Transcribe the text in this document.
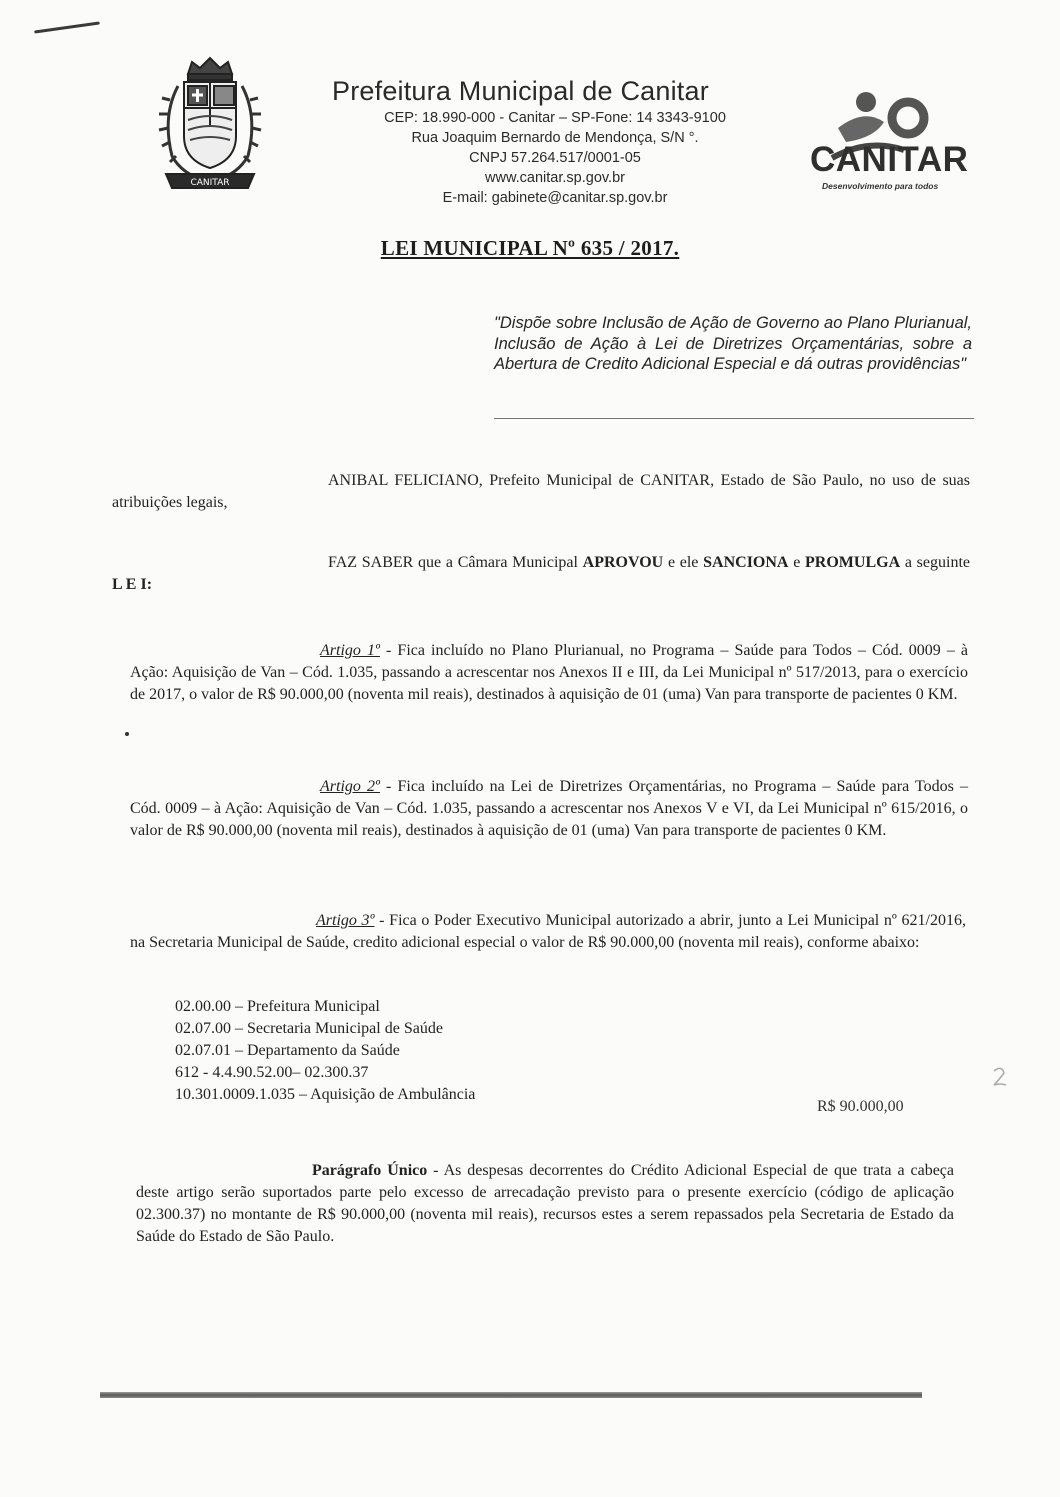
CANITAR
Prefeitura Municipal de Canitar
CEP: 18.990-000 - Canitar – SP-Fone: 14 3343-9100
Rua Joaquim Bernardo de Mendonça, S/N °.
CNPJ 57.264.517/0001-05
www.canitar.sp.gov.br
E-mail: gabinete@canitar.sp.gov.br
CANITAR
Desenvolvimento para todos
LEI MUNICIPAL Nº 635 / 2017.
"Dispõe sobre Inclusão de Ação de Governo ao Plano Plurianual, Inclusão de Ação à Lei de Diretrizes Orçamentárias, sobre a Abertura de Credito Adicional Especial e dá outras providências"
ANIBAL FELICIANO, Prefeito Municipal de CANITAR, Estado de São Paulo, no uso de suas atribuições legais,
FAZ SABER que a Câmara Municipal APROVOU e ele SANCIONA e PROMULGA a seguinte L E I:
Artigo 1º - Fica incluído no Plano Plurianual, no Programa – Saúde para Todos – Cód. 0009 – à Ação: Aquisição de Van – Cód. 1.035, passando a acrescentar nos Anexos II e III, da Lei Municipal nº 517/2013, para o exercício de 2017, o valor de R$ 90.000,00 (noventa mil reais), destinados à aquisição de 01 (uma) Van para transporte de pacientes 0 KM.
Artigo 2º - Fica incluído na Lei de Diretrizes Orçamentárias, no Programa – Saúde para Todos – Cód. 0009 – à Ação: Aquisição de Van – Cód. 1.035, passando a acrescentar nos Anexos V e VI, da Lei Municipal nº 615/2016, o valor de R$ 90.000,00 (noventa mil reais), destinados à aquisição de 01 (uma) Van para transporte de pacientes 0 KM.
Artigo 3º - Fica o Poder Executivo Municipal autorizado a abrir, junto a Lei Municipal nº 621/2016, na Secretaria Municipal de Saúde, credito adicional especial o valor de R$ 90.000,00 (noventa mil reais), conforme abaixo:
02.00.00 – Prefeitura Municipal
02.07.00 – Secretaria Municipal de Saúde
02.07.01 – Departamento da Saúde
612 - 4.4.90.52.00– 02.300.37
10.301.0009.1.035 – Aquisição de Ambulância
R$ 90.000,00
Parágrafo Único - As despesas decorrentes do Crédito Adicional Especial de que trata a cabeça deste artigo serão suportados parte pelo excesso de arrecadação previsto para o presente exercício (código de aplicação 02.300.37) no montante de R$ 90.000,00 (noventa mil reais), recursos estes a serem repassados pela Secretaria de Estado da Saúde do Estado de São Paulo.
